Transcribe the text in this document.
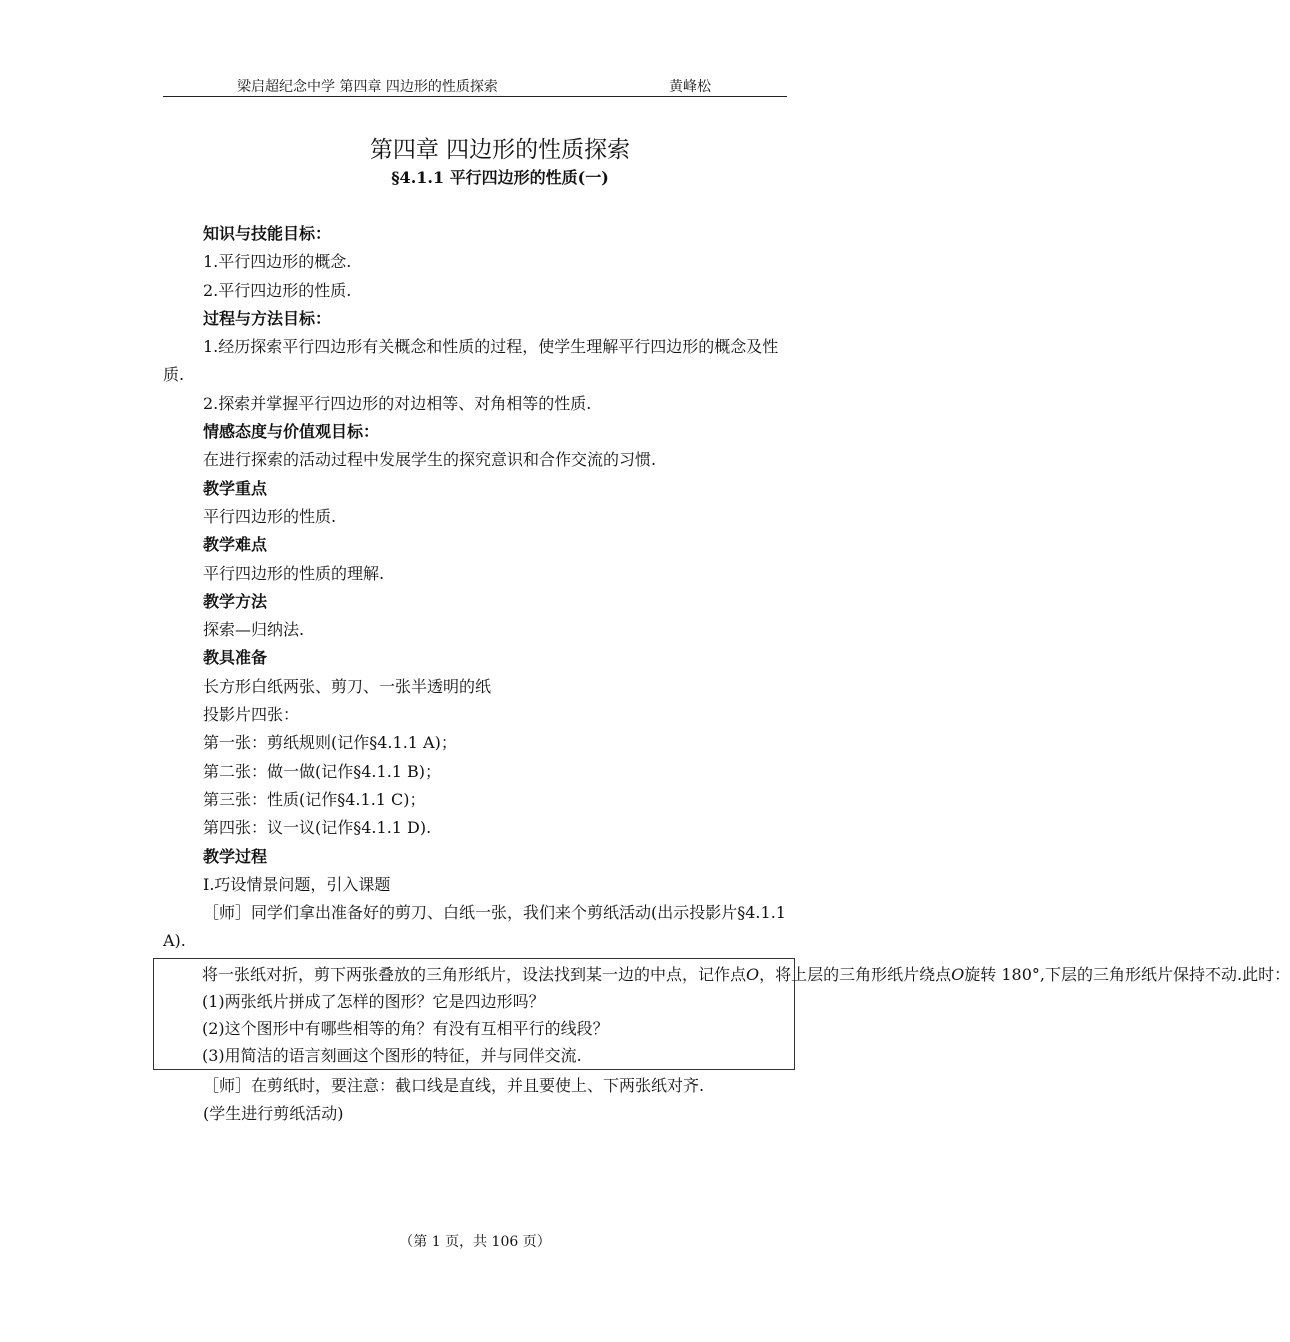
梁启超纪念中学 第四章 四边形的性质探索	黄峰松
第四章 四边形的性质探索
§4.1.1 平行四边形的性质(一)

知识与技能目标：

1.平行四边形的概念.

2.平行四边形的性质.

过程与方法目标：

1.经历探索平行四边形有关概念和性质的过程，使学生理解平行四边形的概念及性质.

2.探索并掌握平行四边形的对边相等、对角相等的性质.

情感态度与价值观目标：

在进行探索的活动过程中发展学生的探究意识和合作交流的习惯.

教学重点

平行四边形的性质.

教学难点

平行四边形的性质的理解.

教学方法

探索—归纳法.

教具准备

长方形白纸两张、剪刀、一张半透明的纸

投影片四张：

第一张：剪纸规则(记作§4.1.1 A)；

第二张：做一做(记作§4.1.1 B)；

第三张：性质(记作§4.1.1 C)；

第四张：议一议(记作§4.1.1 D).

教学过程

Ⅰ.巧设情景问题，引入课题

［师］同学们拿出准备好的剪刀、白纸一张，我们来个剪纸活动(出示投影片§4.1.1 A).

将一张纸对折，剪下两张叠放的三角形纸片，设法找到某一边的中点，记作点O，将上层的三角形纸片绕点O旋转 180°,下层的三角形纸片保持不动.此时：

(1)两张纸片拼成了怎样的图形？它是四边形吗？

(2)这个图形中有哪些相等的角？有没有互相平行的线段？

(3)用简洁的语言刻画这个图形的特征，并与同伴交流.

［师］在剪纸时，要注意：截口线是直线，并且要使上、下两张纸对齐.

(学生进行剪纸活动)

（第 1 页，共 106 页）
